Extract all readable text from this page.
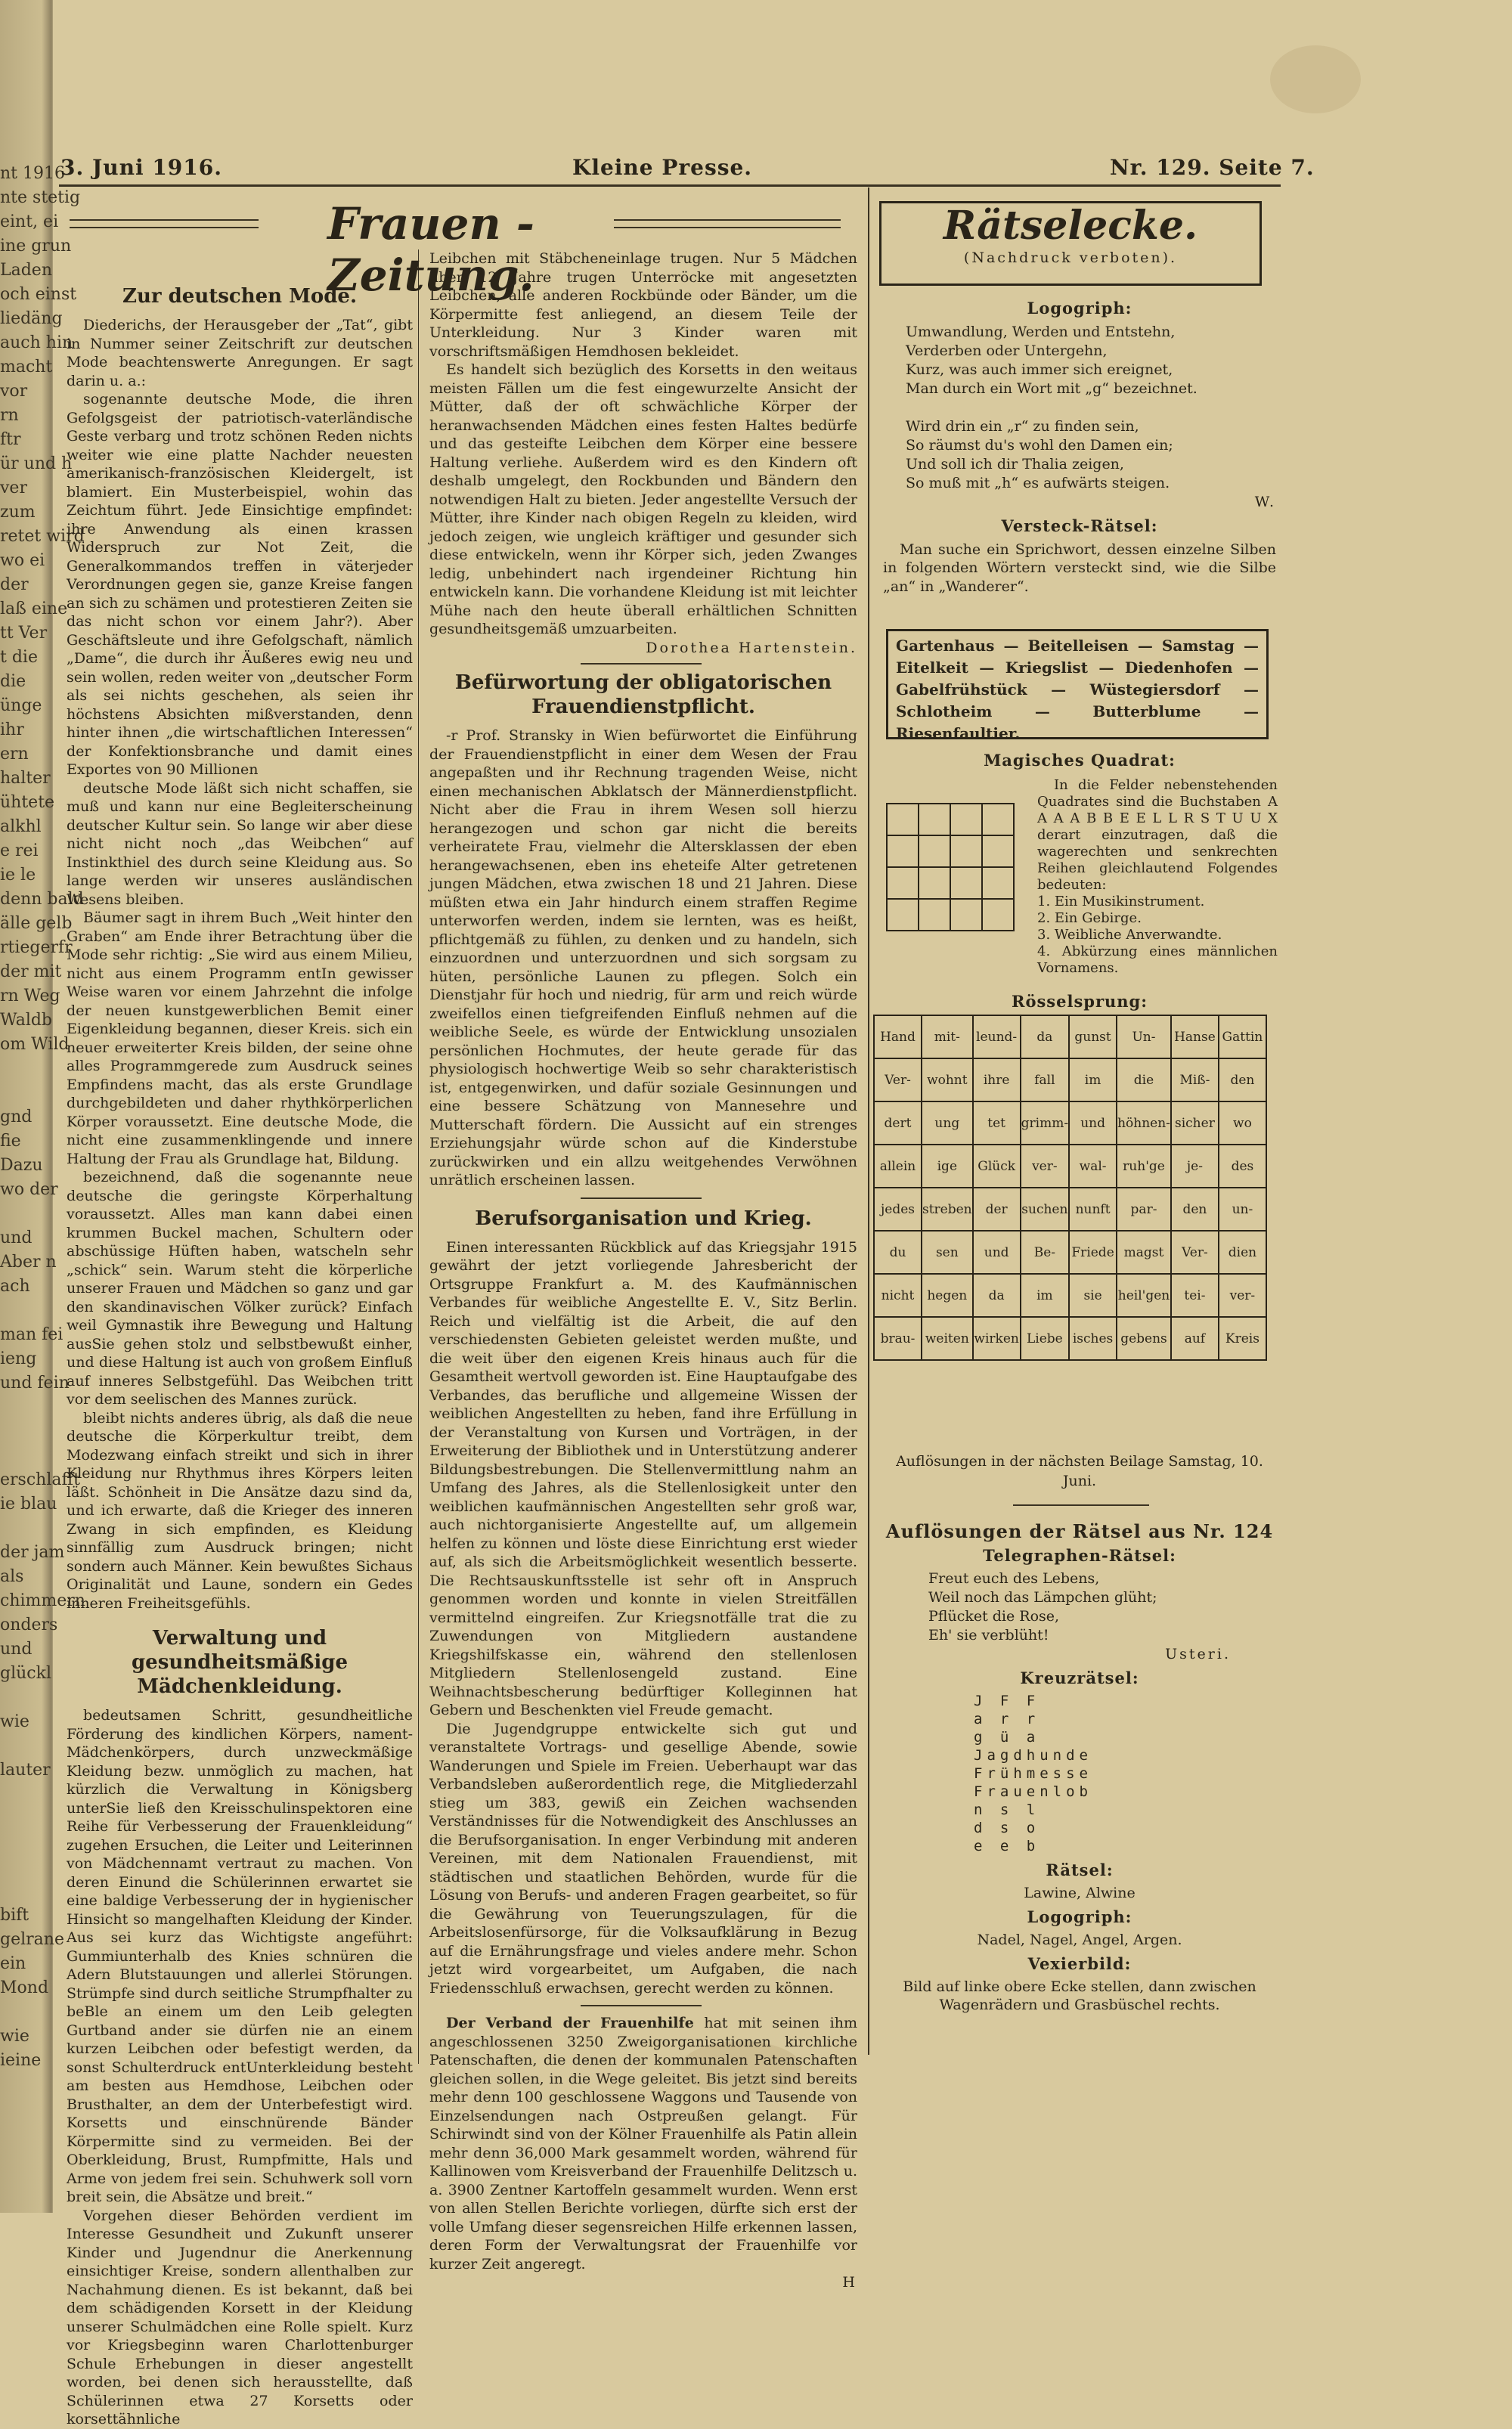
nt 1916
nte stetig
eint, ei
ine grun
Laden
och einst
liedäng
auch hin
macht
vor
rn
ftr
ür und h
ver
zum
retet wird
wo ei
der
laß eine
tt Ver
t die
die
ünge
ihr
ern
halter
ühtete
alkhl
e rei
ie le
denn bald
älle gelb
rtiegerfr
der mit
rn Weg
Waldb
om Wild
gnd
fie
Dazu
wo der
und
Aber n
ach
man fei
ieng
und fein
erschlafft
ie blau
der jam
als
chimmern
onders
und
glückl
wie
lauter
bift
gelrane
ein
Mond
wie
ieine
3. Juni 1916.	Kleine Presse.	Nr. 129. Seite 7.
Frauen - Zeitung.
Zur deutschen Mode.

Diederichs, der Herausgeber der „Tat“, gibt in Nummer seiner Zeitschrift zur deutschen Mode beachtenswerte Anregungen. Er sagt darin u. a.:

sogenannte deutsche Mode, die ihren Gefolgsgeist der patriotisch-vaterländische Geste verbarg und trotz schönen Reden nichts weiter wie eine platte Nachder neuesten amerikanisch-französischen Kleidergelt, ist blamiert. Ein Musterbeispiel, wohin das Zeichtum führt. Jede Einsichtige empfindet: ihre Anwendung als einen krassen Widerspruch zur Not Zeit, die Generalkommandos treffen in väterjeder Verordnungen gegen sie, ganze Kreise fangen an sich zu schämen und protestieren Zeiten sie das nicht schon vor einem Jahr?). Aber Geschäftsleute und ihre Gefolgschaft, nämlich „Dame“, die durch ihr Äußeres ewig neu und sein wollen, reden weiter von „deutscher Form als sei nichts geschehen, als seien ihr höchstens Absichten mißverstanden, denn hinter ihnen „die wirtschaftlichen Interessen“ der Konfektionsbranche und damit eines Exportes von 90 Millionen

deutsche Mode läßt sich nicht schaffen, sie muß und kann nur eine Begleiterscheinung deutscher Kultur sein. So lange wir aber diese nicht nicht noch „das Weibchen“ auf Instinkthiel des durch seine Kleidung aus. So lange werden wir unseres ausländischen Wesens bleiben.

Bäumer sagt in ihrem Buch „Weit hinter den Graben“ am Ende ihrer Betrachtung über die Mode sehr richtig: „Sie wird aus einem Milieu, nicht aus einem Programm entIn gewisser Weise waren vor einem Jahrzehnt die infolge der neuen kunstgewerblichen Bemit einer Eigenkleidung begannen, dieser Kreis. sich ein neuer erweiterter Kreis bilden, der seine ohne alles Programmgerede zum Ausdruck seines Empfindens macht, das als erste Grundlage durchgebildeten und daher rhythkörperlichen Körper voraussetzt. Eine deutsche Mode, die nicht eine zusammenklingende und innere Haltung der Frau als Grundlage hat, Bildung.

bezeichnend, daß die sogenannte neue deutsche die geringste Körperhaltung voraussetzt. Alles man kann dabei einen krummen Buckel machen, Schultern oder abschüssige Hüften haben, watscheln sehr „schick“ sein. Warum steht die körperliche unserer Frauen und Mädchen so ganz und gar den skandinavischen Völker zurück? Einfach weil Gymnastik ihre Bewegung und Haltung ausSie gehen stolz und selbstbewußt einher, und diese Haltung ist auch von großem Einfluß auf inneres Selbstgefühl. Das Weibchen tritt vor dem seelischen des Mannes zurück.

bleibt nichts anderes übrig, als daß die neue deutsche die Körperkultur treibt, dem Modezwang einfach streikt und sich in ihrer Kleidung nur Rhythmus ihres Körpers leiten läßt. Schönheit in Die Ansätze dazu sind da, und ich erwarte, daß die Krieger des inneren Zwang in sich empfinden, es Kleidung sinnfällig zum Ausdruck bringen; nicht sondern auch Männer. Kein bewußtes Sichaus Originalität und Laune, sondern ein Gedes inneren Freiheitsgefühls.

Verwaltung und gesundheitsmäßige Mädchenkleidung.

bedeutsamen Schritt, gesundheitliche Förderung des kindlichen Körpers, nament-Mädchenkörpers, durch unzweckmäßige Kleidung bezw. unmöglich zu machen, hat kürzlich die Verwaltung in Königsberg unterSie ließ den Kreisschulinspektoren eine Reihe für Verbesserung der Frauenkleidung“ zugehen Ersuchen, die Leiter und Leiterinnen von Mädchennamt vertraut zu machen. Von deren Einund die Schülerinnen erwartet sie eine baldige Verbesserung der in hygienischer Hinsicht so mangelhaften Kleidung der Kinder. Aus sei kurz das Wichtigste angeführt: Gummiunterhalb des Knies schnüren die Adern Blutstauungen und allerlei Störungen. Strümpfe sind durch seitliche Strumpfhalter zu beBle an einem um den Leib gelegten Gurtband ander sie dürfen nie an einem kurzen Leibchen oder befestigt werden, da sonst Schulterdruck entUnterkleidung besteht am besten aus Hemdhose, Leibchen oder Brusthalter, an dem der Unterbefestigt wird. Korsetts und einschnürende Bänder Körpermitte sind zu vermeiden. Bei der Oberkleidung, Brust, Rumpfmitte, Hals und Arme von jedem frei sein. Schuhwerk soll vorn breit sein, die Absätze und breit.“

Vorgehen dieser Behörden verdient im Interesse Gesundheit und Zukunft unserer Kinder und Jugendnur die Anerkennung einsichtiger Kreise, sondern allenthalben zur Nachahmung dienen. Es ist bekannt, daß bei dem schädigenden Korsett in der Kleidung unserer Schulmädchen eine Rolle spielt. Kurz vor Kriegsbeginn waren Charlottenburger Schule Erhebungen in dieser angestellt worden, bei denen sich herausstellte, daß Schülerinnen etwa 27 Korsetts oder korsettähnliche

Leibchen mit Stäbcheneinlage trugen. Nur 5 Mädchen über 12 Jahre trugen Unterröcke mit angesetzten Leibchen, alle anderen Rockbünde oder Bänder, um die Körpermitte fest anliegend, an diesem Teile der Unterkleidung. Nur 3 Kinder waren mit vorschriftsmäßigen Hemdhosen bekleidet.

Es handelt sich bezüglich des Korsetts in den weitaus meisten Fällen um die fest eingewurzelte Ansicht der Mütter, daß der oft schwächliche Körper der heranwachsenden Mädchen eines festen Haltes bedürfe und das gesteifte Leibchen dem Körper eine bessere Haltung verliehe. Außerdem wird es den Kindern oft deshalb umgelegt, den Rockbunden und Bändern den notwendigen Halt zu bieten. Jeder angestellte Versuch der Mütter, ihre Kinder nach obigen Regeln zu kleiden, wird jedoch zeigen, wie ungleich kräftiger und gesunder sich diese entwickeln, wenn ihr Körper sich, jeden Zwanges ledig, unbehindert nach irgendeiner Richtung hin entwickeln kann. Die vorhandene Kleidung ist mit leichter Mühe nach den heute überall erhältlichen Schnitten gesundheitsgemäß umzuarbeiten.

Dorothea Hartenstein.
Befürwortung der obligatorischen Frauendienstpflicht.

-r Prof. Stransky in Wien befürwortet die Einführung der Frauendienstpflicht in einer dem Wesen der Frau angepaßten und ihr Rechnung tragenden Weise, nicht einen mechanischen Abklatsch der Männerdienstpflicht. Nicht aber die Frau in ihrem Wesen soll hierzu herangezogen und schon gar nicht die bereits verheiratete Frau, vielmehr die Altersklassen der eben herangewachsenen, eben ins eheteife Alter getretenen jungen Mädchen, etwa zwischen 18 und 21 Jahren. Diese müßten etwa ein Jahr hindurch einem straffen Regime unterworfen werden, indem sie lernten, was es heißt, pflichtgemäß zu fühlen, zu denken und zu handeln, sich einzuordnen und unterzuordnen und sich sorgsam zu hüten, persönliche Launen zu pflegen. Solch ein Dienstjahr für hoch und niedrig, für arm und reich würde zweifellos einen tiefgreifenden Einfluß nehmen auf die weibliche Seele, es würde der Entwicklung unsozialen persönlichen Hochmutes, der heute gerade für das physiologisch hochwertige Weib so sehr charakteristisch ist, entgegenwirken, und dafür soziale Gesinnungen und eine bessere Schätzung von Mannesehre und Mutterschaft fördern. Die Aussicht auf ein strenges Erziehungsjahr würde schon auf die Kinderstube zurückwirken und ein allzu weitgehendes Verwöhnen unrätlich erscheinen lassen.

Berufsorganisation und Krieg.

Einen interessanten Rückblick auf das Kriegsjahr 1915 gewährt der jetzt vorliegende Jahresbericht der Ortsgruppe Frankfurt a. M. des Kaufmännischen Verbandes für weibliche Angestellte E. V., Sitz Berlin. Reich und vielfältig ist die Arbeit, die auf den verschiedensten Gebieten geleistet werden mußte, und die weit über den eigenen Kreis hinaus auch für die Gesamtheit wertvoll geworden ist. Eine Hauptaufgabe des Verbandes, das berufliche und allgemeine Wissen der weiblichen Angestellten zu heben, fand ihre Erfüllung in der Veranstaltung von Kursen und Vorträgen, in der Erweiterung der Bibliothek und in Unterstützung anderer Bildungsbestrebungen. Die Stellenvermittlung nahm an Umfang des Jahres, als die Stellenlosigkeit unter den weiblichen kaufmännischen Angestellten sehr groß war, auch nichtorganisierte Angestellte auf, um allgemein helfen zu können und löste diese Einrichtung erst wieder auf, als sich die Arbeitsmöglichkeit wesentlich besserte. Die Rechtsauskunftsstelle ist sehr oft in Anspruch genommen worden und konnte in vielen Streitfällen vermittelnd eingreifen. Zur Kriegsnotfälle trat die zu Zuwendungen von Mitgliedern austandene Kriegshilfskasse ein, während den stellenlosen Mitgliedern Stellenlosengeld zustand. Eine Weihnachtsbescherung bedürftiger Kolleginnen hat Gebern und Beschenkten viel Freude gemacht.

Die Jugendgruppe entwickelte sich gut und veranstaltete Vortrags- und gesellige Abende, sowie Wanderungen und Spiele im Freien. Ueberhaupt war das Verbandsleben außerordentlich rege, die Mitgliederzahl stieg um 383, gewiß ein Zeichen wachsenden Verständnisses für die Notwendigkeit des Anschlusses an die Berufsorganisation. In enger Verbindung mit anderen Vereinen, mit dem Nationalen Frauendienst, mit städtischen und staatlichen Behörden, wurde für die Lösung von Berufs- und anderen Fragen gearbeitet, so für die Gewährung von Teuerungszulagen, für die Arbeitslosenfürsorge, für die Volksaufklärung in Bezug auf die Ernährungsfrage und vieles andere mehr. Schon jetzt wird vorgearbeitet, um Aufgaben, die nach Friedensschluß erwachsen, gerecht werden zu können.

Der Verband der Frauenhilfe hat mit seinen ihm angeschlossenen 3250 Zweigorganisationen kirchliche Patenschaften, die denen der kommunalen Patenschaften gleichen sollen, in die Wege geleitet. Bis jetzt sind bereits mehr denn 100 geschlossene Waggons und Tausende von Einzelsendungen nach Ostpreußen gelangt. Für Schirwindt sind von der Kölner Frauenhilfe als Patin allein mehr denn 36,000 Mark gesammelt worden, während für Kallinowen vom Kreisverband der Frauenhilfe Delitzsch u. a. 3900 Zentner Kartoffeln gesammelt wurden. Wenn erst von allen Stellen Berichte vorliegen, dürfte sich erst der volle Umfang dieser segensreichen Hilfe erkennen lassen, deren Form der Verwaltungsrat der Frauenhilfe vor kurzer Zeit angeregt.

H
Rätselecke.
(Nachdruck verboten).
Logogriph:
Umwandlung, Werden und Entstehn,
Verderben oder Untergehn,
Kurz, was auch immer sich ereignet,
Man durch ein Wort mit „g“ bezeichnet.

Wird drin ein „r“ zu finden sein,
So räumst du's wohl den Damen ein;
Und soll ich dir Thalia zeigen,
So muß mit „h“ es aufwärts steigen.
W.
Versteck-Rätsel:

Man suche ein Sprichwort, dessen einzelne Silben in folgenden Wörtern versteckt sind, wie die Silbe „an“ in „Wanderer“.

Gartenhaus — Beitelleisen — Samstag — Eitelkeit — Kriegslist — Diedenhofen — Gabelfrühstück — Wüstegiersdorf — Schlotheim — Butterblume — Riesenfaultier.
Magisches Quadrat:

In die Felder nebenstehenden Quadrates sind die Buchstaben A A A A B B E E L L R S T U U X derart einzutragen, daß die wagerechten und senkrechten Reihen gleichlautend Folgendes bedeuten:

1. Ein Musikinstrument.
2. Ein Gebirge.
3. Weibliche Anverwandte.
4. Abkürzung eines männlichen Vornamens.
Rösselsprung:
Hand	mit-	leund-	da	gunst	Un-	Hanse	Gattin
Ver-	wohnt	ihre	fall	im	die	Miß-	den
dert	ung	tet	grimm-	und	höhnen-	sicher	wo
allein	ige	Glück	ver-	wal-	ruh'ge	je-	des
jedes	streben	der	suchen	nunft	par-	den	un-
du	sen	und	Be-	Friede	magst	Ver-	dien
nicht	hegen	da	im	sie	heil'gen	tei-	ver-
brau-	weiten	wirken	Liebe	isches	gebens	auf	Kreis
Auflösungen in der nächsten Beilage Samstag, 10. Juni.
Auflösungen der Rätsel aus Nr. 124
Telegraphen-Rätsel:
Freut euch des Lebens,
Weil noch das Lämpchen glüht;
Pflücket die Rose,
Eh' sie verblüht!
Usteri.
Kreuzrätsel:
J F F
a r r
g ü a
Jagdhunde
Frühmesse
Frauenlob
n s l
d s o
e e b
Rätsel:
Lawine, Alwine
Logogriph:
Nadel, Nagel, Angel, Argen.
Vexierbild:
Bild auf linke obere Ecke stellen, dann zwischen Wagenrädern und Grasbüschel rechts.
